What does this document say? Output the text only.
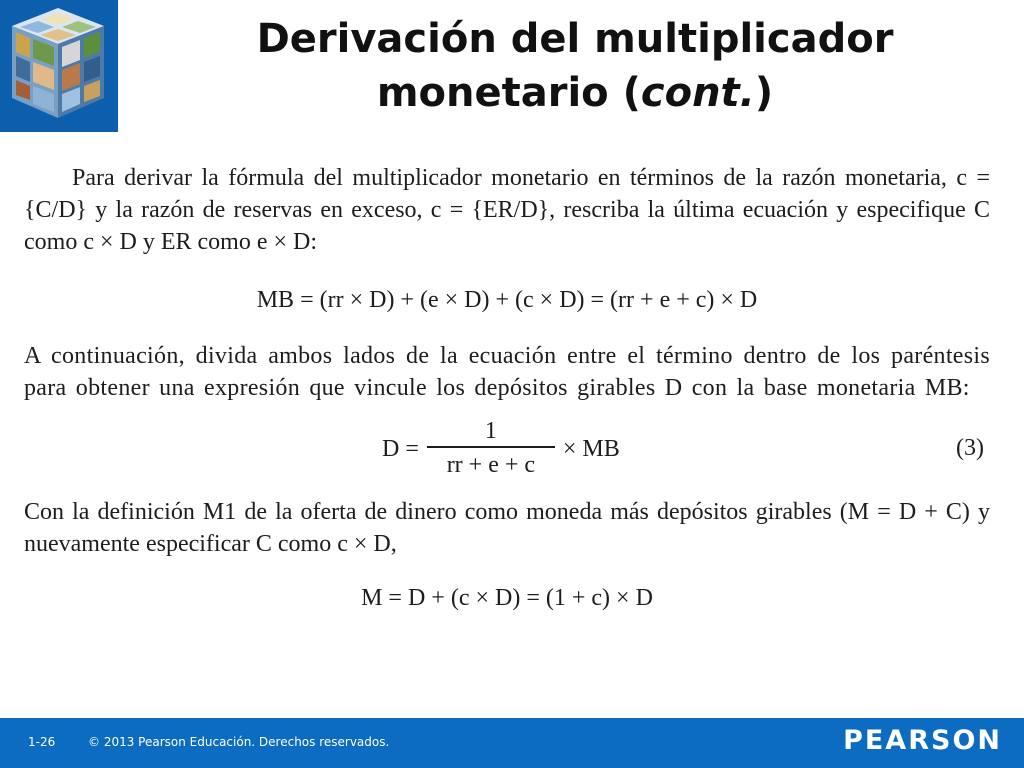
Derivación del multiplicador
monetario (cont.)

Para derivar la fórmula del multiplicador monetario en términos de la razón monetaria, c = {C/D} y la razón de reservas en exceso, c = {ER/D}, rescriba la última ecuación y especifique C como c × D y ER como e × D:

MB = (rr × D) + (e × D) + (c × D) = (rr + e + c) × D

A continuación, divida ambos lados de la ecuación entre el término dentro de los paréntesis para obtener una expresión que vincule los depósitos girables D con la base monetaria MB:

$D = \frac{1}{rr + e + c}$ × MB	(3)

Con la definición M1 de la oferta de dinero como moneda más depósitos girables (M = D + C) y nuevamente especificar C como c × D,

M = D + (c × D) = (1 + c) × D

1-26	© 2013 Pearson Educación. Derechos reservados.	PEARSON
